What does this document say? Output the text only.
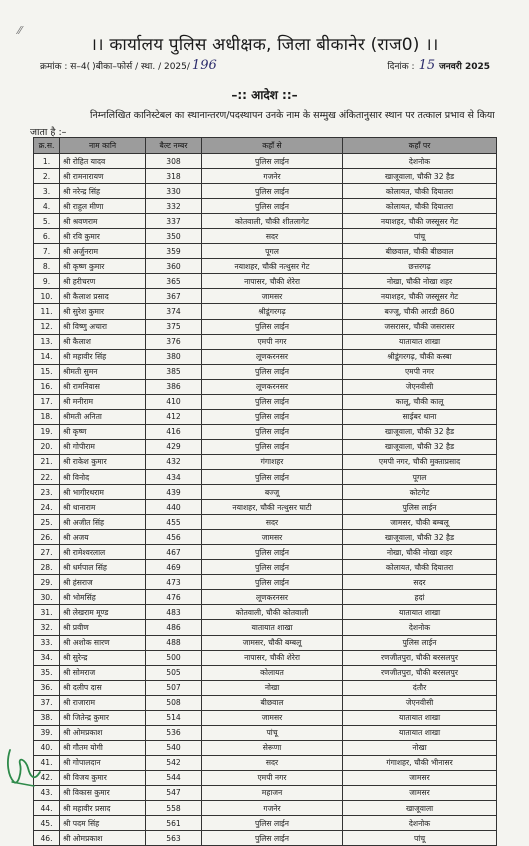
⁄⁄
।। कार्यालय पुलिस अधीक्षक, जिला बीकानेर (राज0) ।।
क्रमांक : स–4( )बीका–फोर्स / स्था. / 2025/ 196	दिनांक : 15 जनवरी 2025
–:: आदेश ::–
निम्नलिखित कानिस्टेबल का स्थानान्तरण/पदस्थापन उनके नाम के सम्मुख अंकितानुसार स्थान पर तत्काल प्रभाव से किया जाता है :–
क्र.स.	नाम कानि	बैल्ट नम्बर	कहाँ से	कहाँ पर
1.	श्री रोहित यादव	308	पुलिस लाईन	देशनोक
2.	श्री रामनारायण	318	गजनेर	खाजूवाला, चौकी 32 हैड
3.	श्री नरेन्द्र सिंह	330	पुलिस लाईन	कोलायत, चौकी दियातरा
4.	श्री राहुल मीणा	332	पुलिस लाईन	कोलायत, चौकी दियातरा
5.	श्री श्रवणराम	337	कोतवाली, चौकी शीतलागेट	नयाशहर, चौकी जस्सूसर गेट
6.	श्री रवि कुमार	350	सदर	पांचू
7.	श्री अर्जुनराम	359	पूगल	बीछवाल, चौकी बीछवाल
8.	श्री कृष्ण कुमार	360	नयाशहर, चौकी नत्थुसर गेट	छत्तरगढ़
9.	श्री हरीचरण	365	नापासर, चौकी शेरेरा	नोखा, चौकी नोखा शहर
10.	श्री कैलाश प्रसाद	367	जामसर	नयाशहर, चौकी जस्सूसर गेट
11.	श्री सुरेश कुमार	374	श्रीडूंगरगढ़	बज्जू, चौकी आरडी 860
12.	श्री विष्णु अचारा	375	पुलिस लाईन	जसरासर, चौकी जसरासर
13.	श्री कैलाश	376	एमपी नगर	यातायात शाखा
14.	श्री महावीर सिंह	380	लूणकरनसर	श्रीडूंगरगढ़, चौकी कस्बा
15.	श्रीमती सुमन	385	पुलिस लाईन	एमपी नगर
16.	श्री रामनिवास	386	लूणकरनसर	जेएनवीसी
17.	श्री मनीराम	410	पुलिस लाईन	कालू, चौकी कालू
18.	श्रीमती अनिता	412	पुलिस लाईन	साईबर थाना
19.	श्री कृष्ण	416	पुलिस लाईन	खाजूवाला, चौकी 32 हैड
20.	श्री गोपीराम	429	पुलिस लाईन	खाजूवाला, चौकी 32 हैड
21.	श्री राकेश कुमार	432	गंगाशहर	एमपी नगर, चौकी मुक्ताप्रसाद
22.	श्री विनोद	434	पुलिस लाईन	पूगल
23.	श्री भागीरथराम	439	बज्जू	कोटगेट
24.	श्री थानाराम	440	नयाशहर, चौकी नत्थुसर घाटी	पुलिस लाईन
25.	श्री अजीत सिंह	455	सदर	जामसर, चौकी बम्बलू
26.	श्री अजय	456	जामसर	खाजूवाला, चौकी 32 हैड
27.	श्री रामेश्वरलाल	467	पुलिस लाईन	नोखा, चौकी नोखा शहर
28.	श्री धर्मपाल सिंह	469	पुलिस लाईन	कोलायत, चौकी दियातरा
29.	श्री हंसराज	473	पुलिस लाईन	सदर
30.	श्री भोमसिंह	476	लूणकरनसर	हदां
31.	श्री लेखराम मूण्ड	483	कोतवाली, चौकी कोतवाली	यातायात शाखा
32.	श्री प्रवीण	486	यातायात शाखा	देशनोक
33.	श्री अशोक सारण	488	जामसर, चौकी बम्बलू	पुलिस लाईन
34.	श्री सुरेन्द्र	500	नापासर, चौकी शेरेरा	रणजीतपुरा, चौकी बरसलपुर
35.	श्री सोमराज	505	कोलायत	रणजीतपुरा, चौकी बरसलपुर
36.	श्री दलीप दास	507	नोखा	दंतौर
37.	श्री राजाराम	508	बीछवाल	जेएनवीसी
38.	श्री जितेन्द्र कुमार	514	जामसर	यातायात शाखा
39.	श्री ओमप्रकाश	536	पांचू	यातायात शाखा
40.	श्री गौतम योगी	540	सेरूणा	नोखा
41.	श्री गोपालदान	542	सदर	गंगाशहर, चौकी भीनासर
42.	श्री विजय कुमार	544	एमपी नगर	जामसर
43.	श्री विकास कुमार	547	महाजन	जामसर
44.	श्री महावीर प्रसाद	558	गजनेर	खाजूवाला
45.	श्री पदम सिंह	561	पुलिस लाईन	देशनोक
46.	श्री ओमप्रकाश	563	पुलिस लाईन	पांचू
